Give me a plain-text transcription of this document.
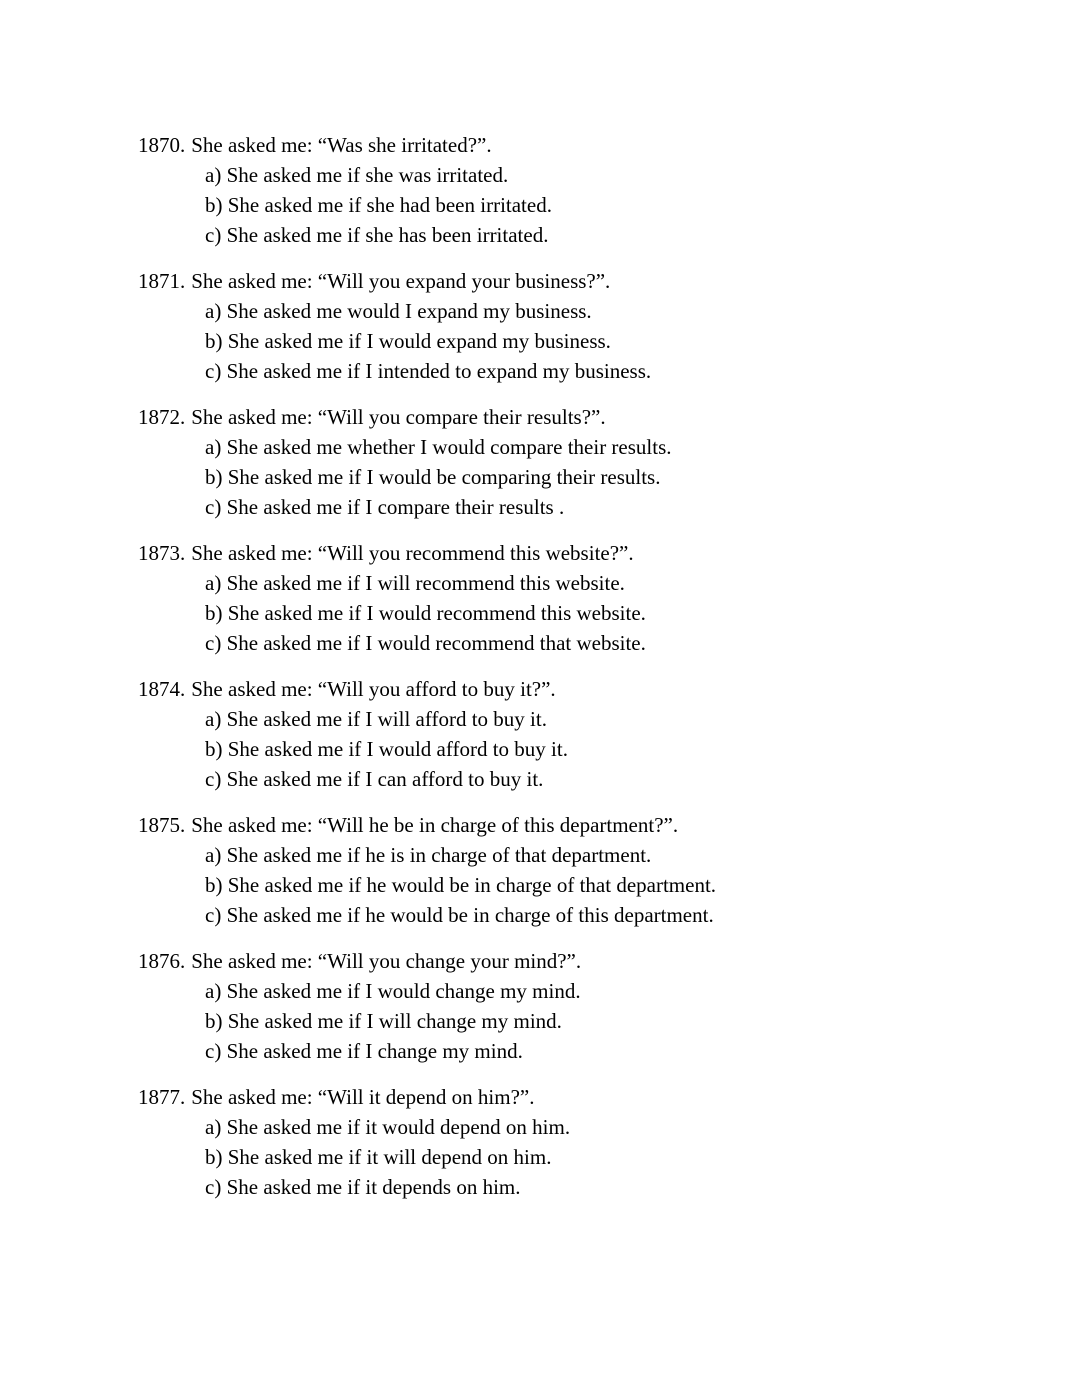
1870. She asked me: “Was she irritated?”.
a) She asked me if she was irritated.
b) She asked me if she had been irritated.
c) She asked me if she has been irritated.
1871. She asked me: “Will you expand your business?”.
a) She asked me would I expand my business.
b) She asked me if I would expand my business.
c) She asked me if I intended to expand my business.
1872. She asked me: “Will you compare their results?”.
a) She asked me whether I would compare their results.
b) She asked me if I would be comparing their results.
c) She asked me if I compare their results .
1873. She asked me: “Will you recommend this website?”.
a) She asked me if I will recommend this website.
b) She asked me if I would recommend this website.
c) She asked me if I would recommend that website.
1874. She asked me: “Will you afford to buy it?”.
a) She asked me if I will afford to buy it.
b) She asked me if I would afford to buy it.
c) She asked me if I can afford to buy it.
1875. She asked me: “Will he be in charge of this department?”.
a) She asked me if he is in charge of that department.
b) She asked me if he would be in charge of that department.
c) She asked me if he would be in charge of this department.
1876. She asked me: “Will you change your mind?”.
a) She asked me if I would change my mind.
b) She asked me if I will change my mind.
c) She asked me if I change my mind.
1877. She asked me: “Will it depend on him?”.
a) She asked me if it would depend on him.
b) She asked me if it will depend on him.
c) She asked me if it depends on him.
